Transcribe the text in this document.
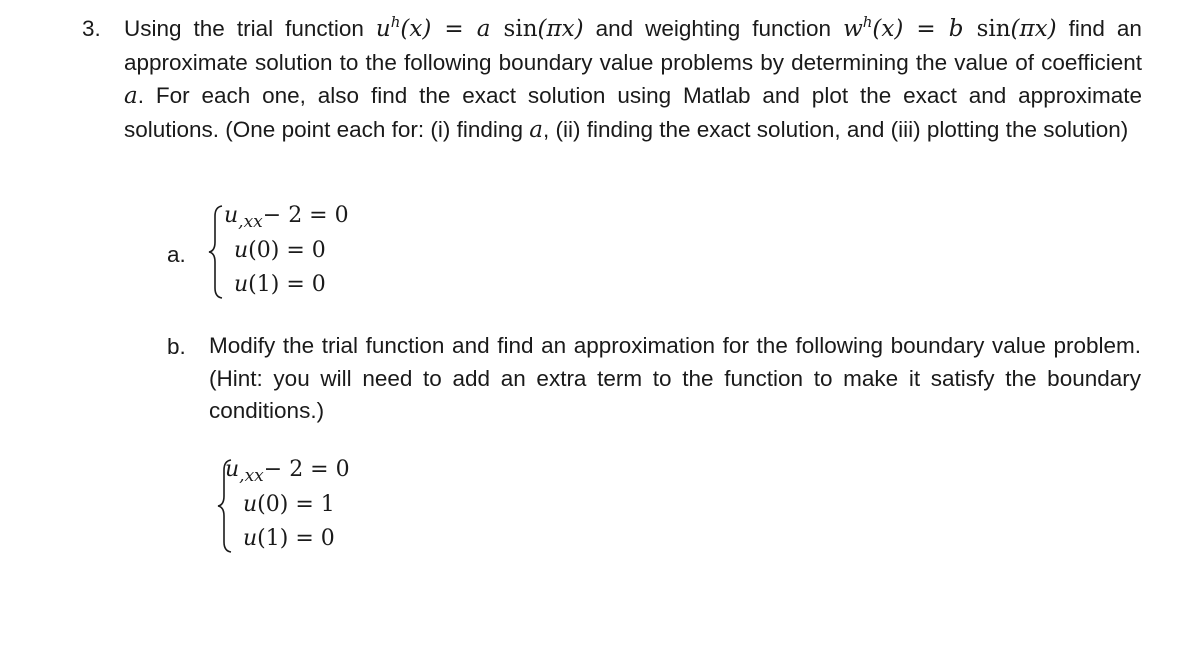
3. Using the trial function $u^h(x) = a$ sin(πx) and weighting function $w^h(x) = b$ sin(πx) find an approximate solution to the following boundary value problems by determining the value of coefficient a. For each one, also find the exact solution using Matlab and plot the exact and approximate solutions. (One point each for: (i) finding a, (ii) finding the exact solution, and (iii) plotting the solution)
a.
$u_{,xx}- 2 = 0$
u(0) = 0
u(1) = 0
b. Modify the trial function and find an approximation for the following boundary value problem. (Hint: you will need to add an extra term to the function to make it satisfy the boundary conditions.)
$u_{,xx}- 2 = 0$
u(0) = 1
u(1) = 0
